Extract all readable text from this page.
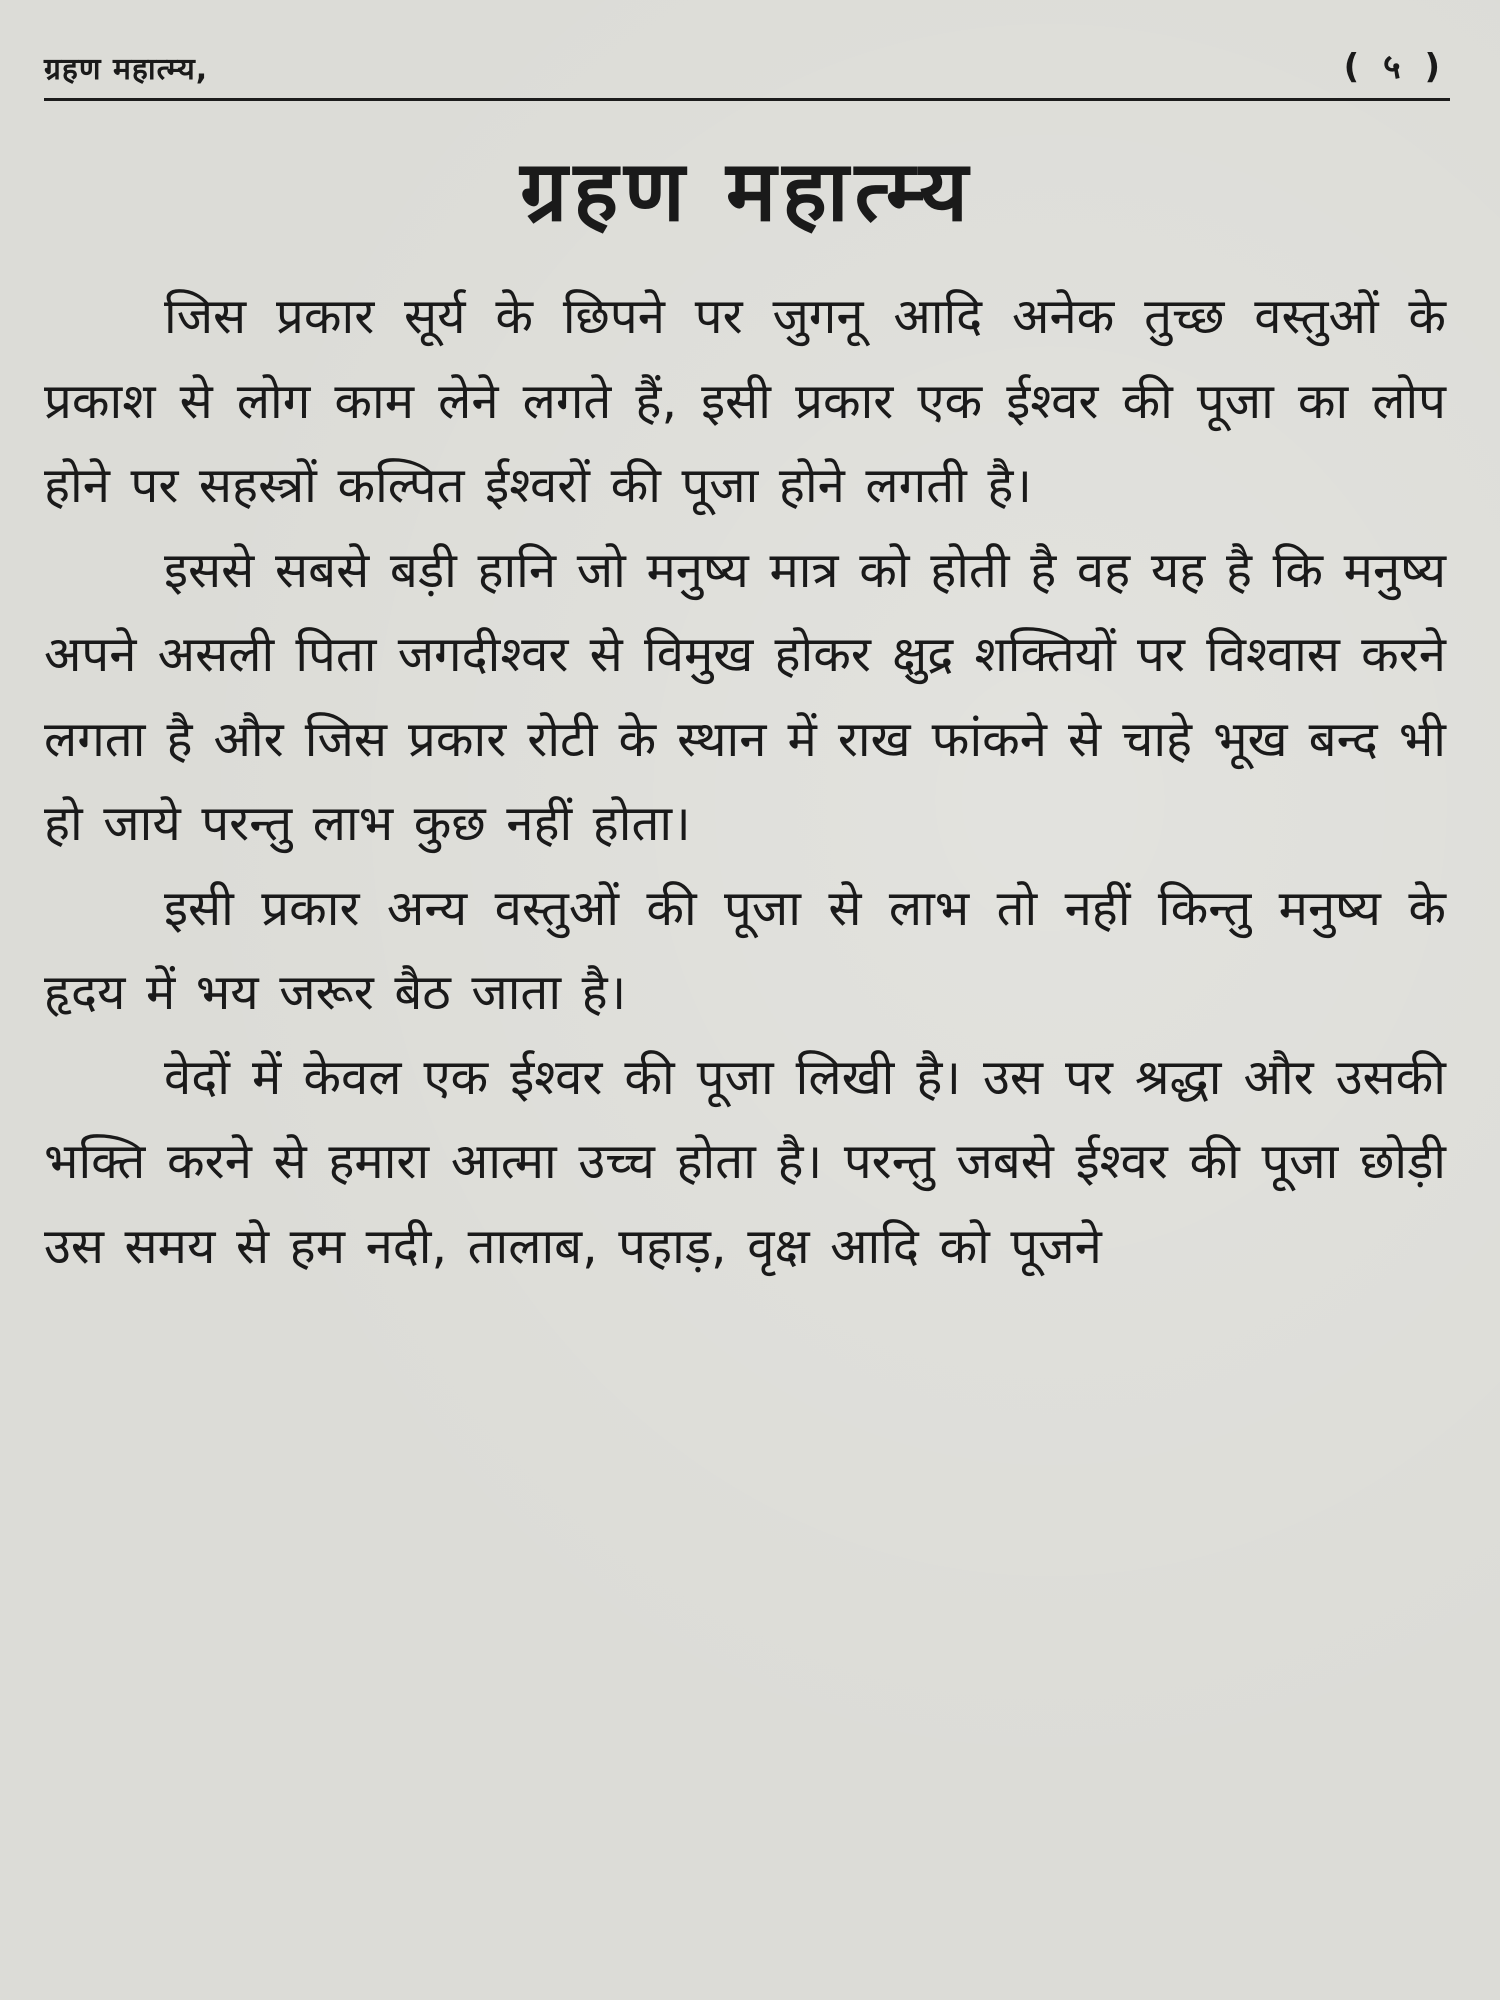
ग्रहण महात्म्य,	( ५ )
ग्रहण महात्म्य

जिस प्रकार सूर्य के छिपने पर जुगनू आदि अनेक तुच्छ वस्तुओं के प्रकाश से लोग काम लेने लगते हैं, इसी प्रकार एक ईश्वर की पूजा का लोप होने पर सहस्त्रों कल्पित ईश्वरों की पूजा होने लगती है।

इससे सबसे बड़ी हानि जो मनुष्य मात्र को होती है वह यह है कि मनुष्य अपने असली पिता जगदीश्वर से विमुख होकर क्षुद्र शक्तियों पर विश्वास करने लगता है और जिस प्रकार रोटी के स्थान में राख फांकने से चाहे भूख बन्द भी हो जाये परन्तु लाभ कुछ नहीं होता।

इसी प्रकार अन्य वस्तुओं की पूजा से लाभ तो नहीं किन्तु मनुष्य के हृदय में भय जरूर बैठ जाता है।

वेदों में केवल एक ईश्वर की पूजा लिखी है। उस पर श्रद्धा और उसकी भक्ति करने से हमारा आत्मा उच्च होता है। परन्तु जबसे ईश्वर की पूजा छोड़ी उस समय से हम नदी, तालाब, पहाड़, वृक्ष आदि को पूजने
